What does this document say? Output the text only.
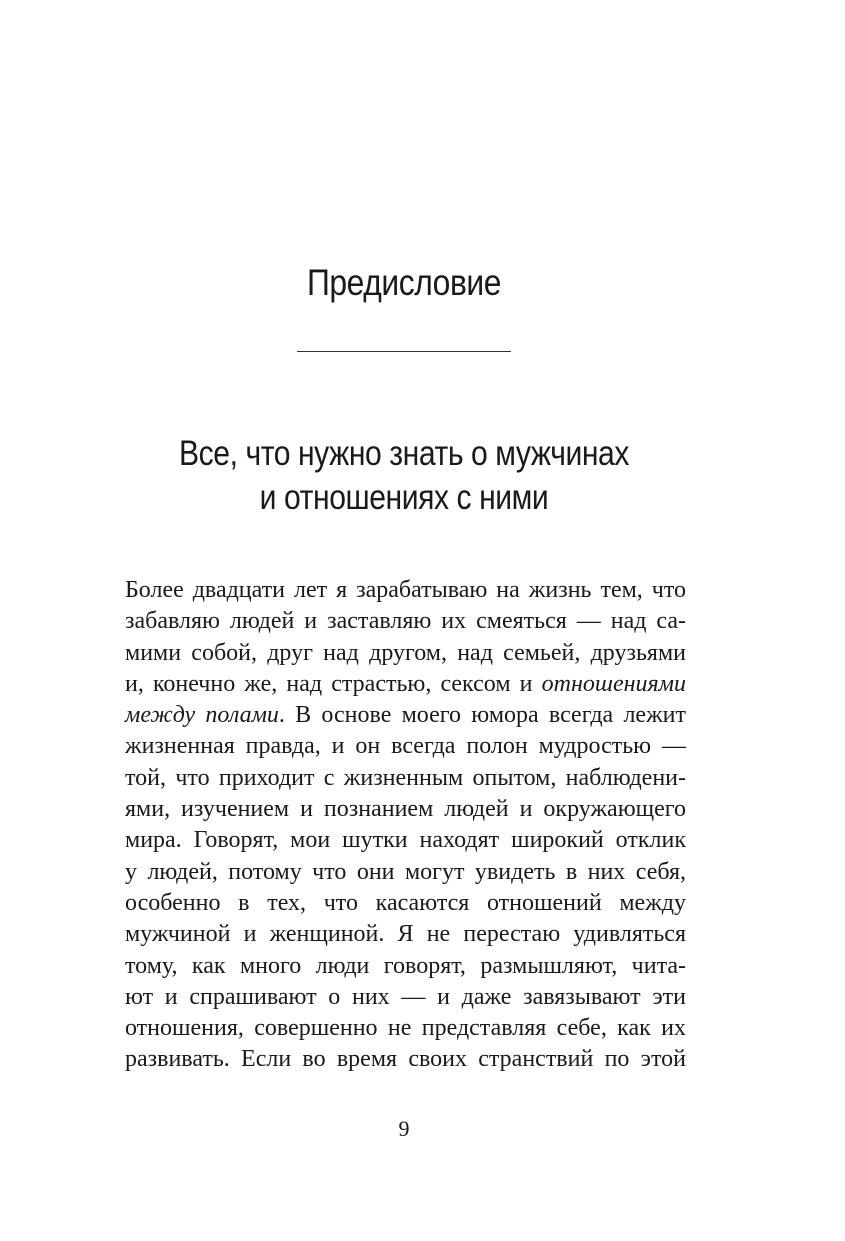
Предисловие
Все, что нужно знать о мужчинах
и отношениях с ними
Более двадцати лет я зарабатываю на жизнь тем, что
забавляю людей и заставляю их смеяться — над са-
мими собой, друг над другом, над семьей, друзьями
и, конечно же, над страстью, сексом и отношениями
между полами. В основе моего юмора всегда лежит
жизненная правда, и он всегда полон мудростью —
той, что приходит с жизненным опытом, наблюдени-
ями, изучением и познанием людей и окружающего
мира. Говорят, мои шутки находят широкий отклик
у людей, потому что они могут увидеть в них себя,
особенно в тех, что касаются отношений между
мужчиной и женщиной. Я не перестаю удивляться
тому, как много люди говорят, размышляют, чита-
ют и спрашивают о них — и даже завязывают эти
отношения, совершенно не представляя себе, как их
развивать. Если во время своих странствий по этой
9
